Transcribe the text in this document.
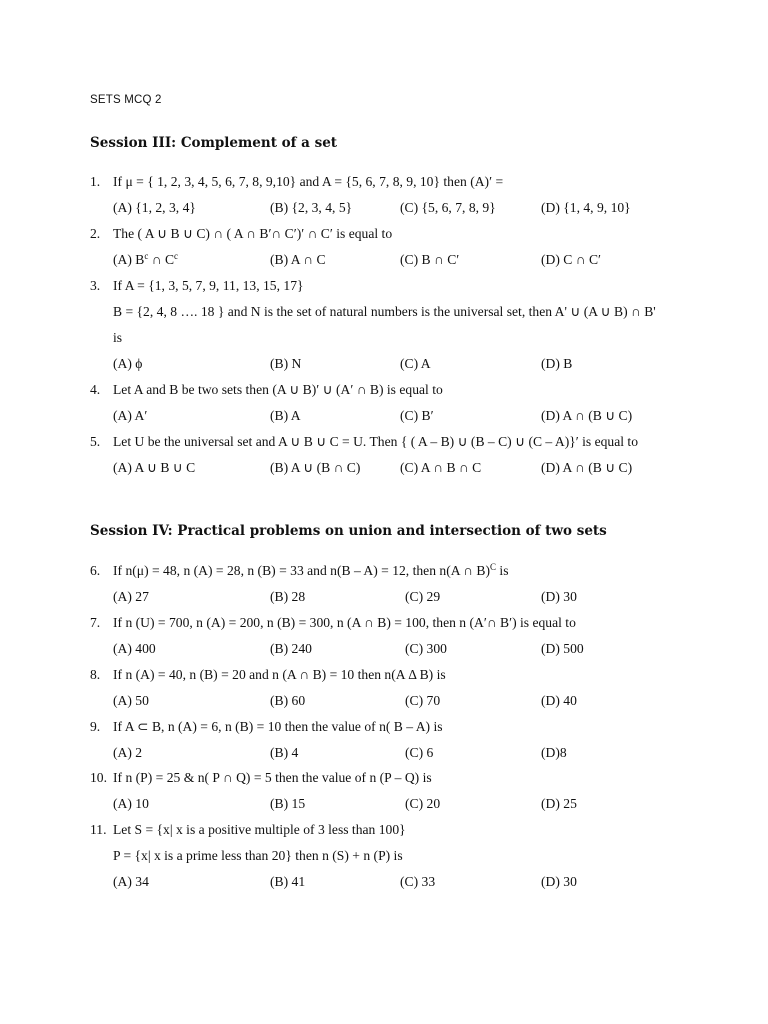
SETS MCQ 2
Session III: Complement of a set
1. If μ = { 1, 2, 3, 4, 5, 6, 7, 8, 9,10} and A = {5, 6, 7, 8, 9, 10} then (A)′ =
(A) {1, 2, 3, 4}	(B) {2, 3, 4, 5}	(C) {5, 6, 7, 8, 9}	(D) {1, 4, 9, 10}
2. The ( A ∪ B ∪ C) ∩ ( A ∩ B′∩ C′)′ ∩ C′ is equal to
(A) $B^c$ ∩ $C^c$	(B) A ∩ C	(C) B ∩ C′	(D) C ∩ C′
3. If A = {1, 3, 5, 7, 9, 11, 13, 15, 17}
B = {2, 4, 8 …. 18 } and N is the set of natural numbers is the universal set, then A' ∪ (A ∪ B) ∩ B'
is
(A) ϕ	(B) N	(C) A	(D) B
4. Let A and B be two sets then (A ∪ B)′ ∪ (A′ ∩ B) is equal to
(A) A′	(B) A	(C) B′	(D) A ∩ (B ∪ C)
5. Let U be the universal set and A ∪ B ∪ C = U. Then { ( A – B) ∪ (B – C) ∪ (C – A)}′ is equal to
(A) A ∪ B ∪ C	(B) A ∪ (B ∩ C)	(C) A ∩ B ∩ C	(D) A ∩ (B ∪ C)
Session IV: Practical problems on union and intersection of two sets
6. If n(μ) = 48, n (A) = 28, n (B) = 33 and n(B – A) = 12, then n(A ∩ B)$^C$ is
(A) 27	(B) 28	(C) 29	(D) 30
7. If n (U) = 700, n (A) = 200, n (B) = 300, n (A ∩ B) = 100, then n (A′∩ B′) is equal to
(A) 400	(B) 240	(C) 300	(D) 500
8. If n (A) = 40, n (B) = 20 and n (A ∩ B) = 10 then n(A Δ B) is
(A) 50	(B) 60	(C) 70	(D) 40
9. If A ⊂ B, n (A) = 6, n (B) = 10 then the value of n( B – A) is
(A) 2	(B) 4	(C) 6	(D)8
10. If n (P) = 25 & n( P ∩ Q) = 5 then the value of n (P – Q) is
(A) 10	(B) 15	(C) 20	(D) 25
11. Let S = {x| x is a positive multiple of 3 less than 100}
P = {x| x is a prime less than 20} then n (S) + n (P) is
(A) 34	(B) 41	(C) 33	(D) 30
